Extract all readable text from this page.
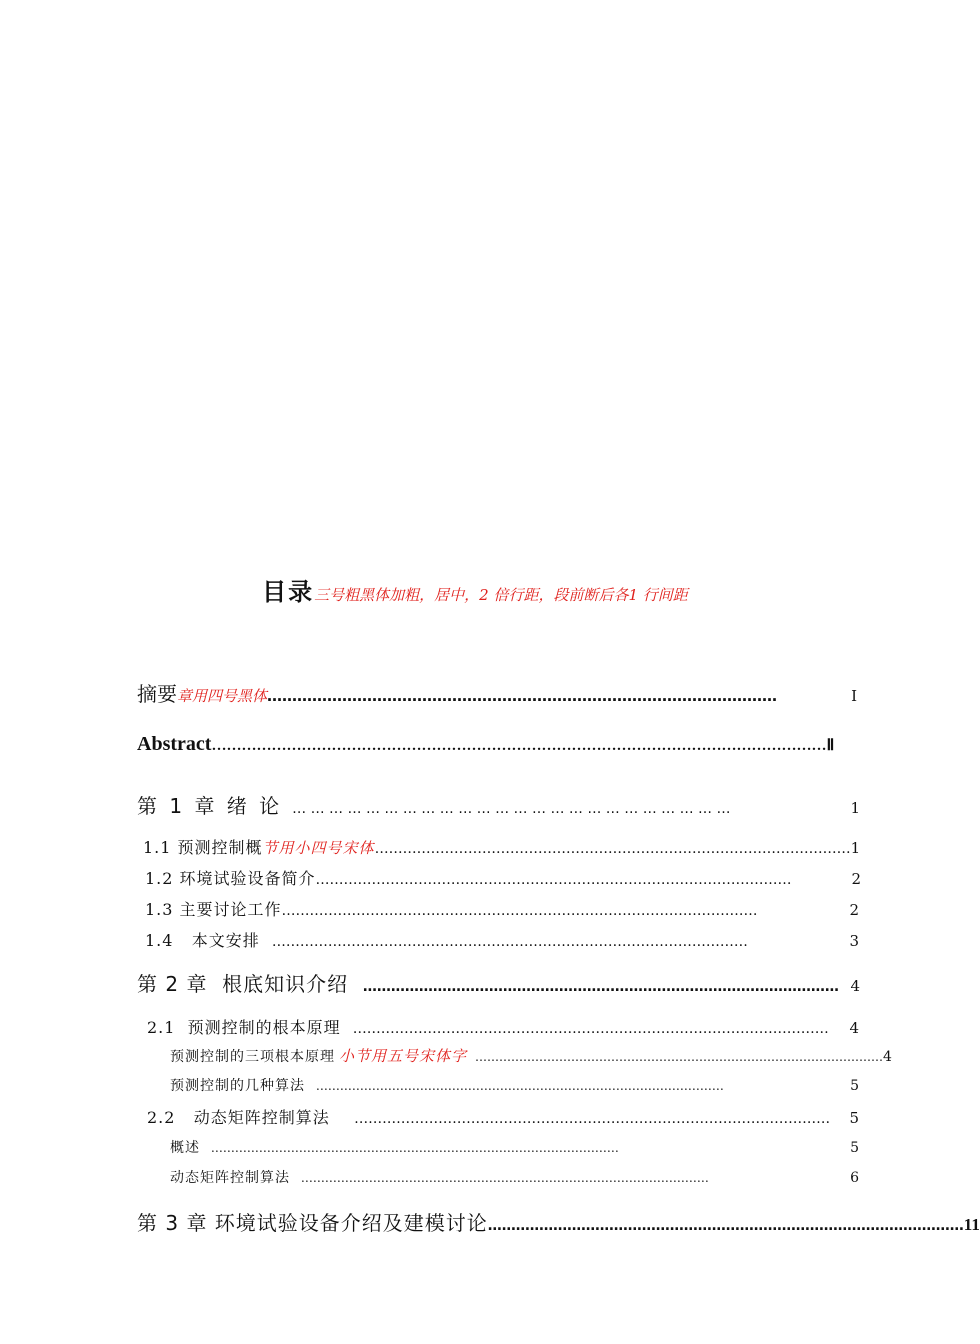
目录三号粗黑体加粗，居中，2 倍行距，段前断后各1 行间距
摘要 章用四号黑体 …………………………………………………………………………………………	Ⅰ
Abstract …………………………………………………………………………………………………………… Ⅱ
第 1 章 绪 论 … … … … … … … … … … … … … … … … … … … … … … … …	1
1.1 预测控制概 节用小四号宋体 ………………………………………………………………………………………… 1
1.2 环境试验设备简介 …………………………………………………………………………………………	2
1.3 主要讨论工作 …………………………………………………………………………………………	2
1.4   本文安排 …………………………………………………………………………………………	3
第 2 章  根底知识介绍 ………………………………………………………………………………………… 4
2.1  预测控制的根本原理 …………………………………………………………………………………………	4
预测控制的三项根本原理 小节用五号宋体字 ………………………………………………………………………………………… 4
预测控制的几种算法 …………………………………………………………………………………………	5
2.2   动态矩阵控制算法 …………………………………………………………………………………………	5
概述 …………………………………………………………………………………………	5
动态矩阵控制算法 …………………………………………………………………………………………	6
第 3 章 环境试验设备介绍及建模讨论 ………………………………………………………………………………………… 11
